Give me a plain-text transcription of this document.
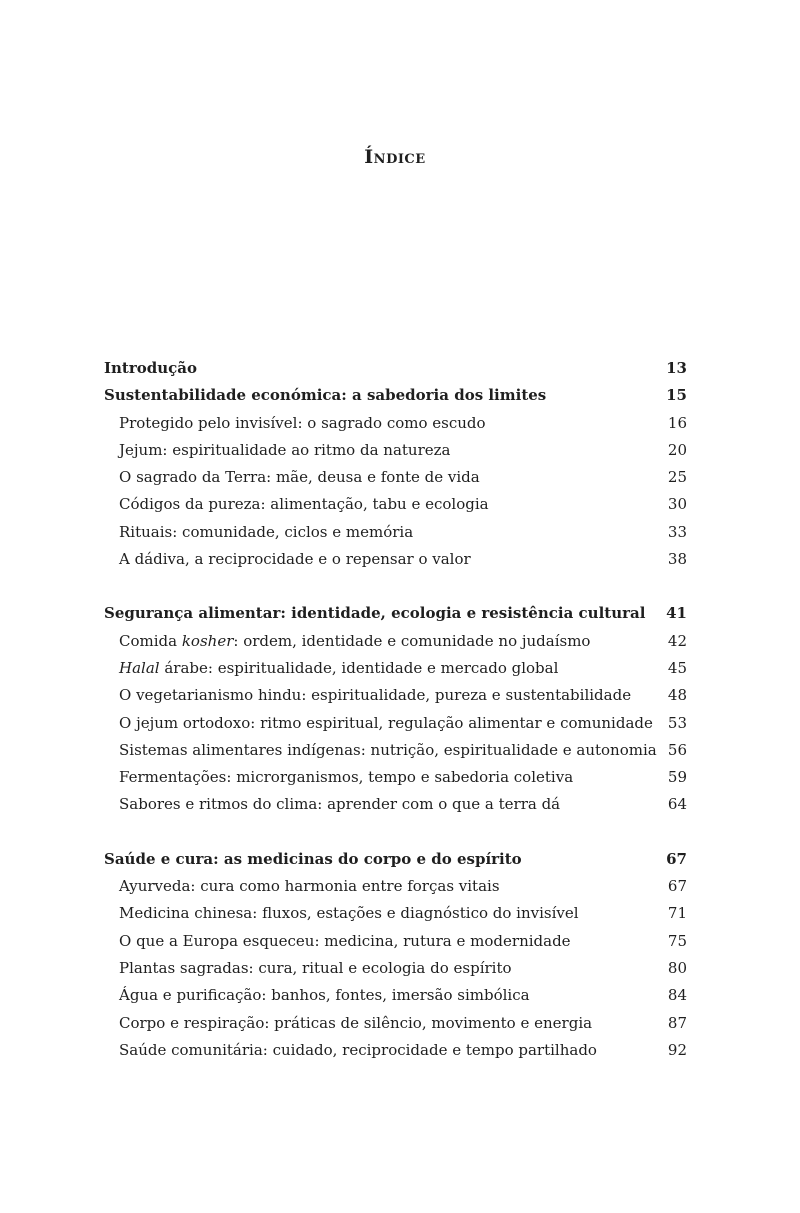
Índice
Introdução	13
Sustentabilidade económica: a sabedoria dos limites	15
Protegido pelo invisível: o sagrado como escudo	16
Jejum: espiritualidade ao ritmo da natureza	20
O sagrado da Terra: mãe, deusa e fonte de vida	25
Códigos da pureza: alimentação, tabu e ecologia	30
Rituais: comunidade, ciclos e memória	33
A dádiva, a reciprocidade e o repensar o valor	38
Segurança alimentar: identidade, ecologia e resistência cultural	41
Comida kosher: ordem, identidade e comunidade no judaísmo	42
Halal árabe: espiritualidade, identidade e mercado global	45
O vegetarianismo hindu: espiritualidade, pureza e sustentabilidade	48
O jejum ortodoxo: ritmo espiritual, regulação alimentar e comunidade	53
Sistemas alimentares indígenas: nutrição, espiritualidade e autonomia 56
Fermentações: microrganismos, tempo e sabedoria coletiva	59
Sabores e ritmos do clima: aprender com o que a terra dá	64
Saúde e cura: as medicinas do corpo e do espírito	67
Ayurveda: cura como harmonia entre forças vitais	67
Medicina chinesa: fluxos, estações e diagnóstico do invisível	71
O que a Europa esqueceu: medicina, rutura e modernidade	75
Plantas sagradas: cura, ritual e ecologia do espírito	80
Água e purificação: banhos, fontes, imersão simbólica	84
Corpo e respiração: práticas de silêncio, movimento e energia	87
Saúde comunitária: cuidado, reciprocidade e tempo partilhado	92
